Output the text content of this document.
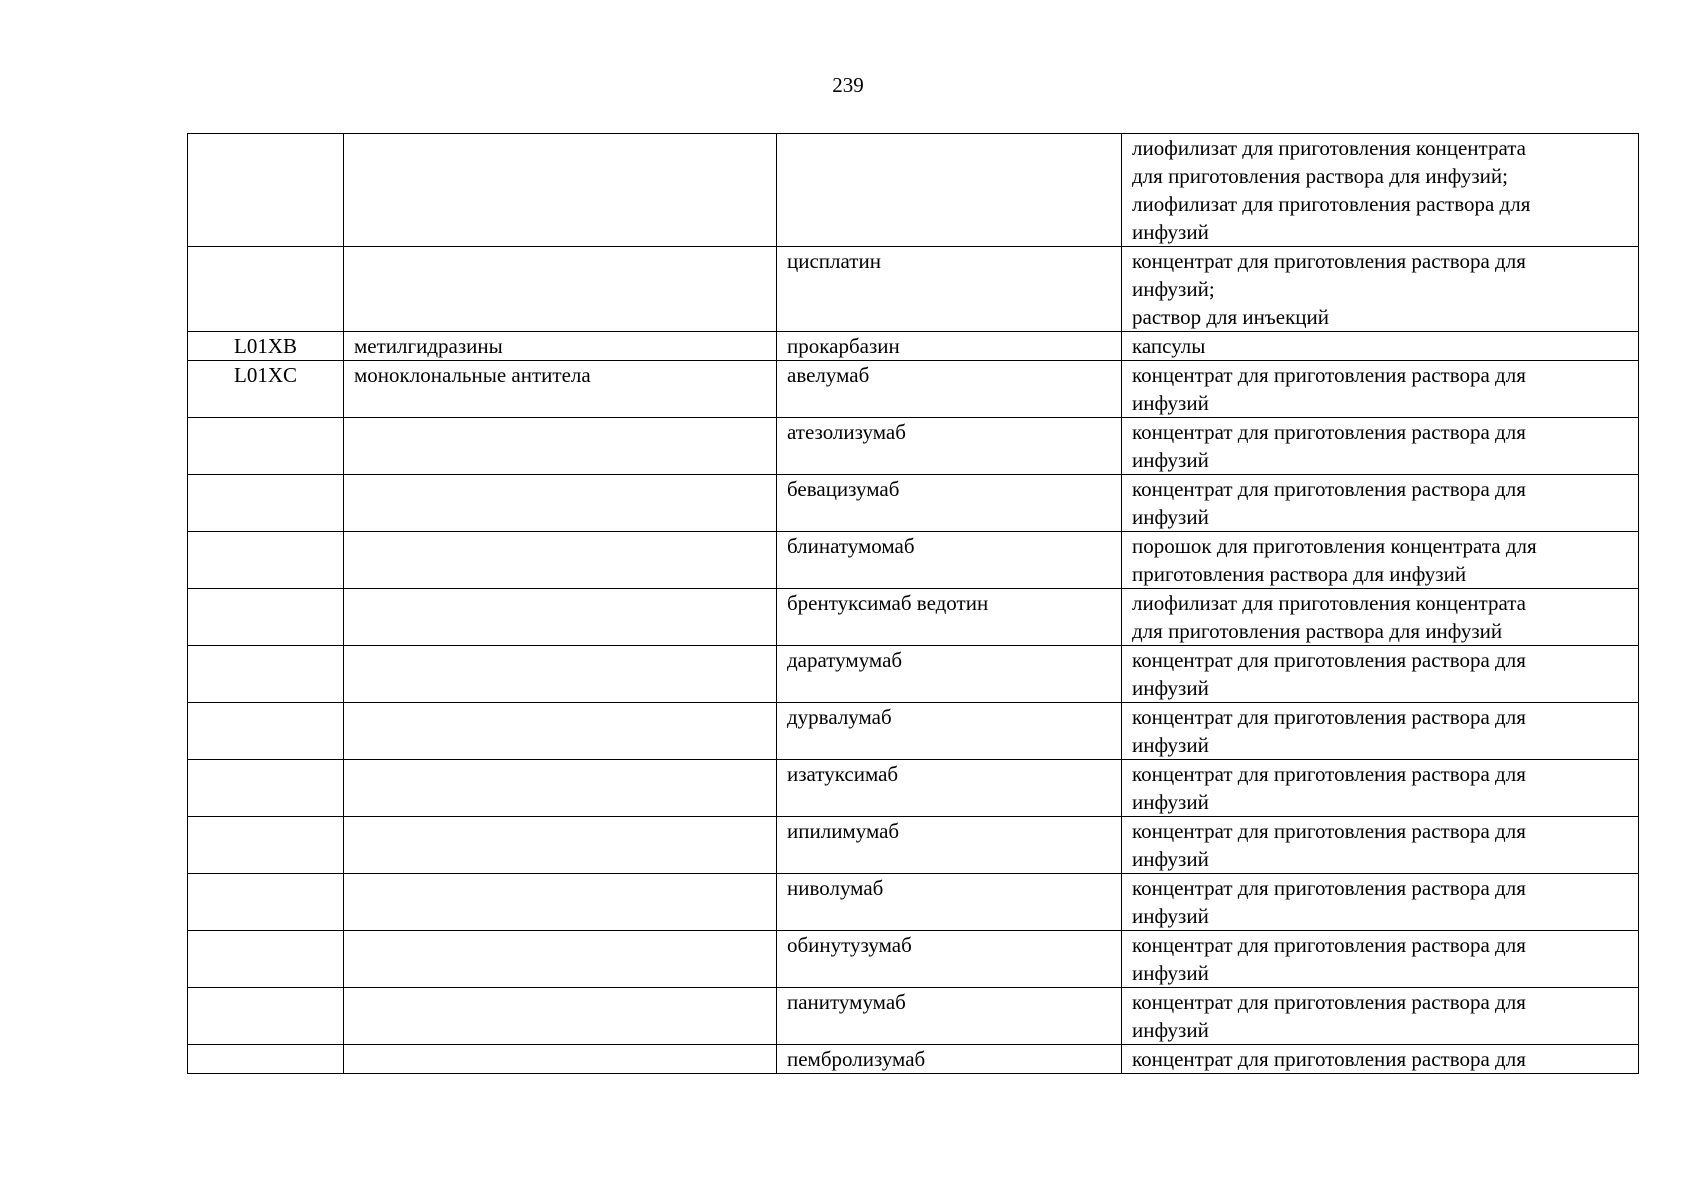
239

			лиофилизат для приготовления концентрата
для приготовления раствора для инфузий;
лиофилизат для приготовления раствора для
инфузий

		цисплатин	концентрат для приготовления раствора для
инфузий;
раствор для инъекций

L01XB	метилгидразины	прокарбазин	капсулы

L01XC	моноклональные антитела	авелумаб	концентрат для приготовления раствора для
инфузий

		атезолизумаб	концентрат для приготовления раствора для
инфузий

		бевацизумаб	концентрат для приготовления раствора для
инфузий

		блинатумомаб	порошок для приготовления концентрата для
приготовления раствора для инфузий

		брентуксимаб ведотин	лиофилизат для приготовления концентрата
для приготовления раствора для инфузий

		даратумумаб	концентрат для приготовления раствора для
инфузий

		дурвалумаб	концентрат для приготовления раствора для
инфузий

		изатуксимаб	концентрат для приготовления раствора для
инфузий

		ипилимумаб	концентрат для приготовления раствора для
инфузий

		ниволумаб	концентрат для приготовления раствора для
инфузий

		обинутузумаб	концентрат для приготовления раствора для
инфузий

		панитумумаб	концентрат для приготовления раствора для
инфузий

		пембролизумаб	концентрат для приготовления раствора для
